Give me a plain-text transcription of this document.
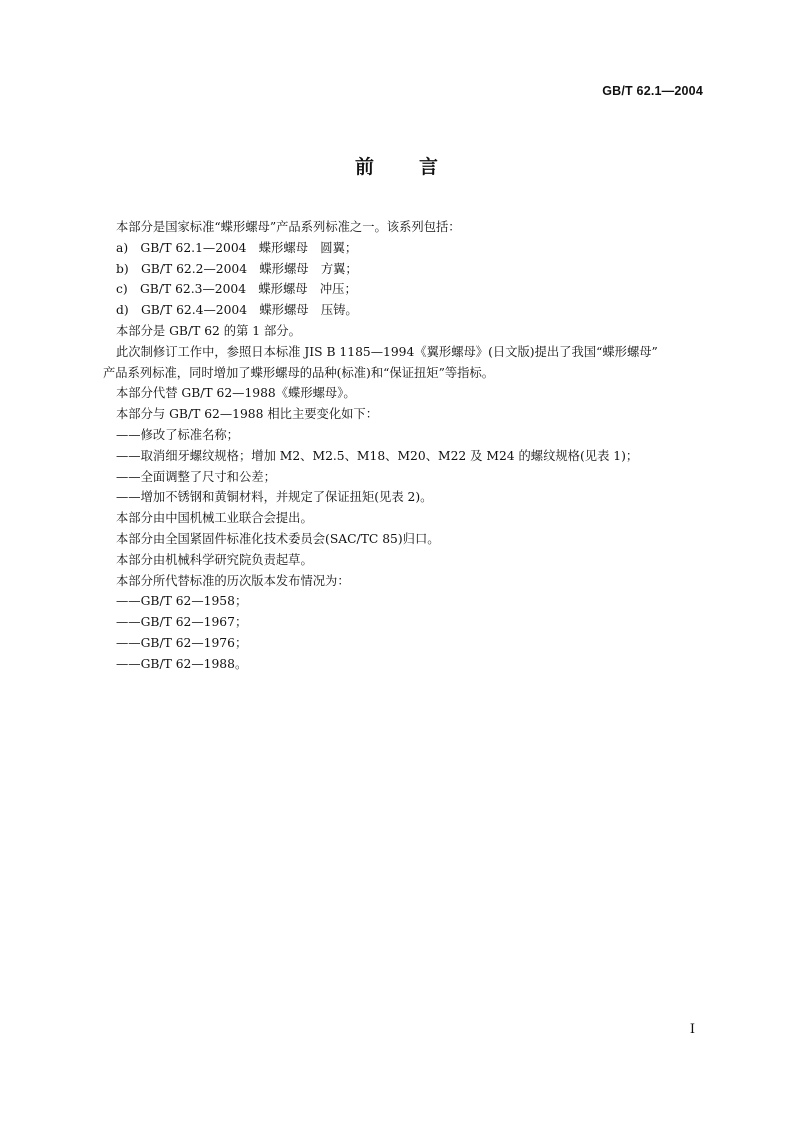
GB/T 62.1—2004
前 言

本部分是国家标准“蝶形螺母”产品系列标准之一。该系列包括：

a)　GB/T 62.1—2004　蝶形螺母　圆翼；

b)　GB/T 62.2—2004　蝶形螺母　方翼；

c)　GB/T 62.3—2004　蝶形螺母　冲压；

d)　GB/T 62.4—2004　蝶形螺母　压铸。

本部分是 GB/T 62 的第 1 部分。

此次制修订工作中，参照日本标准 JIS B 1185—1994《翼形螺母》(日文版)提出了我国“蝶形螺母”

产品系列标准，同时增加了蝶形螺母的品种(标准)和“保证扭矩”等指标。

本部分代替 GB/T 62—1988《蝶形螺母》。

本部分与 GB/T 62—1988 相比主要变化如下：

——修改了标准名称；

——取消细牙螺纹规格；增加 M2、M2.5、M18、M20、M22 及 M24 的螺纹规格(见表 1)；

——全面调整了尺寸和公差；

——增加不锈钢和黄铜材料，并规定了保证扭矩(见表 2)。

本部分由中国机械工业联合会提出。

本部分由全国紧固件标准化技术委员会(SAC/TC 85)归口。

本部分由机械科学研究院负责起草。

本部分所代替标准的历次版本发布情况为：

——GB/T 62—1958；

——GB/T 62—1967；

——GB/T 62—1976；

——GB/T 62—1988。

I
